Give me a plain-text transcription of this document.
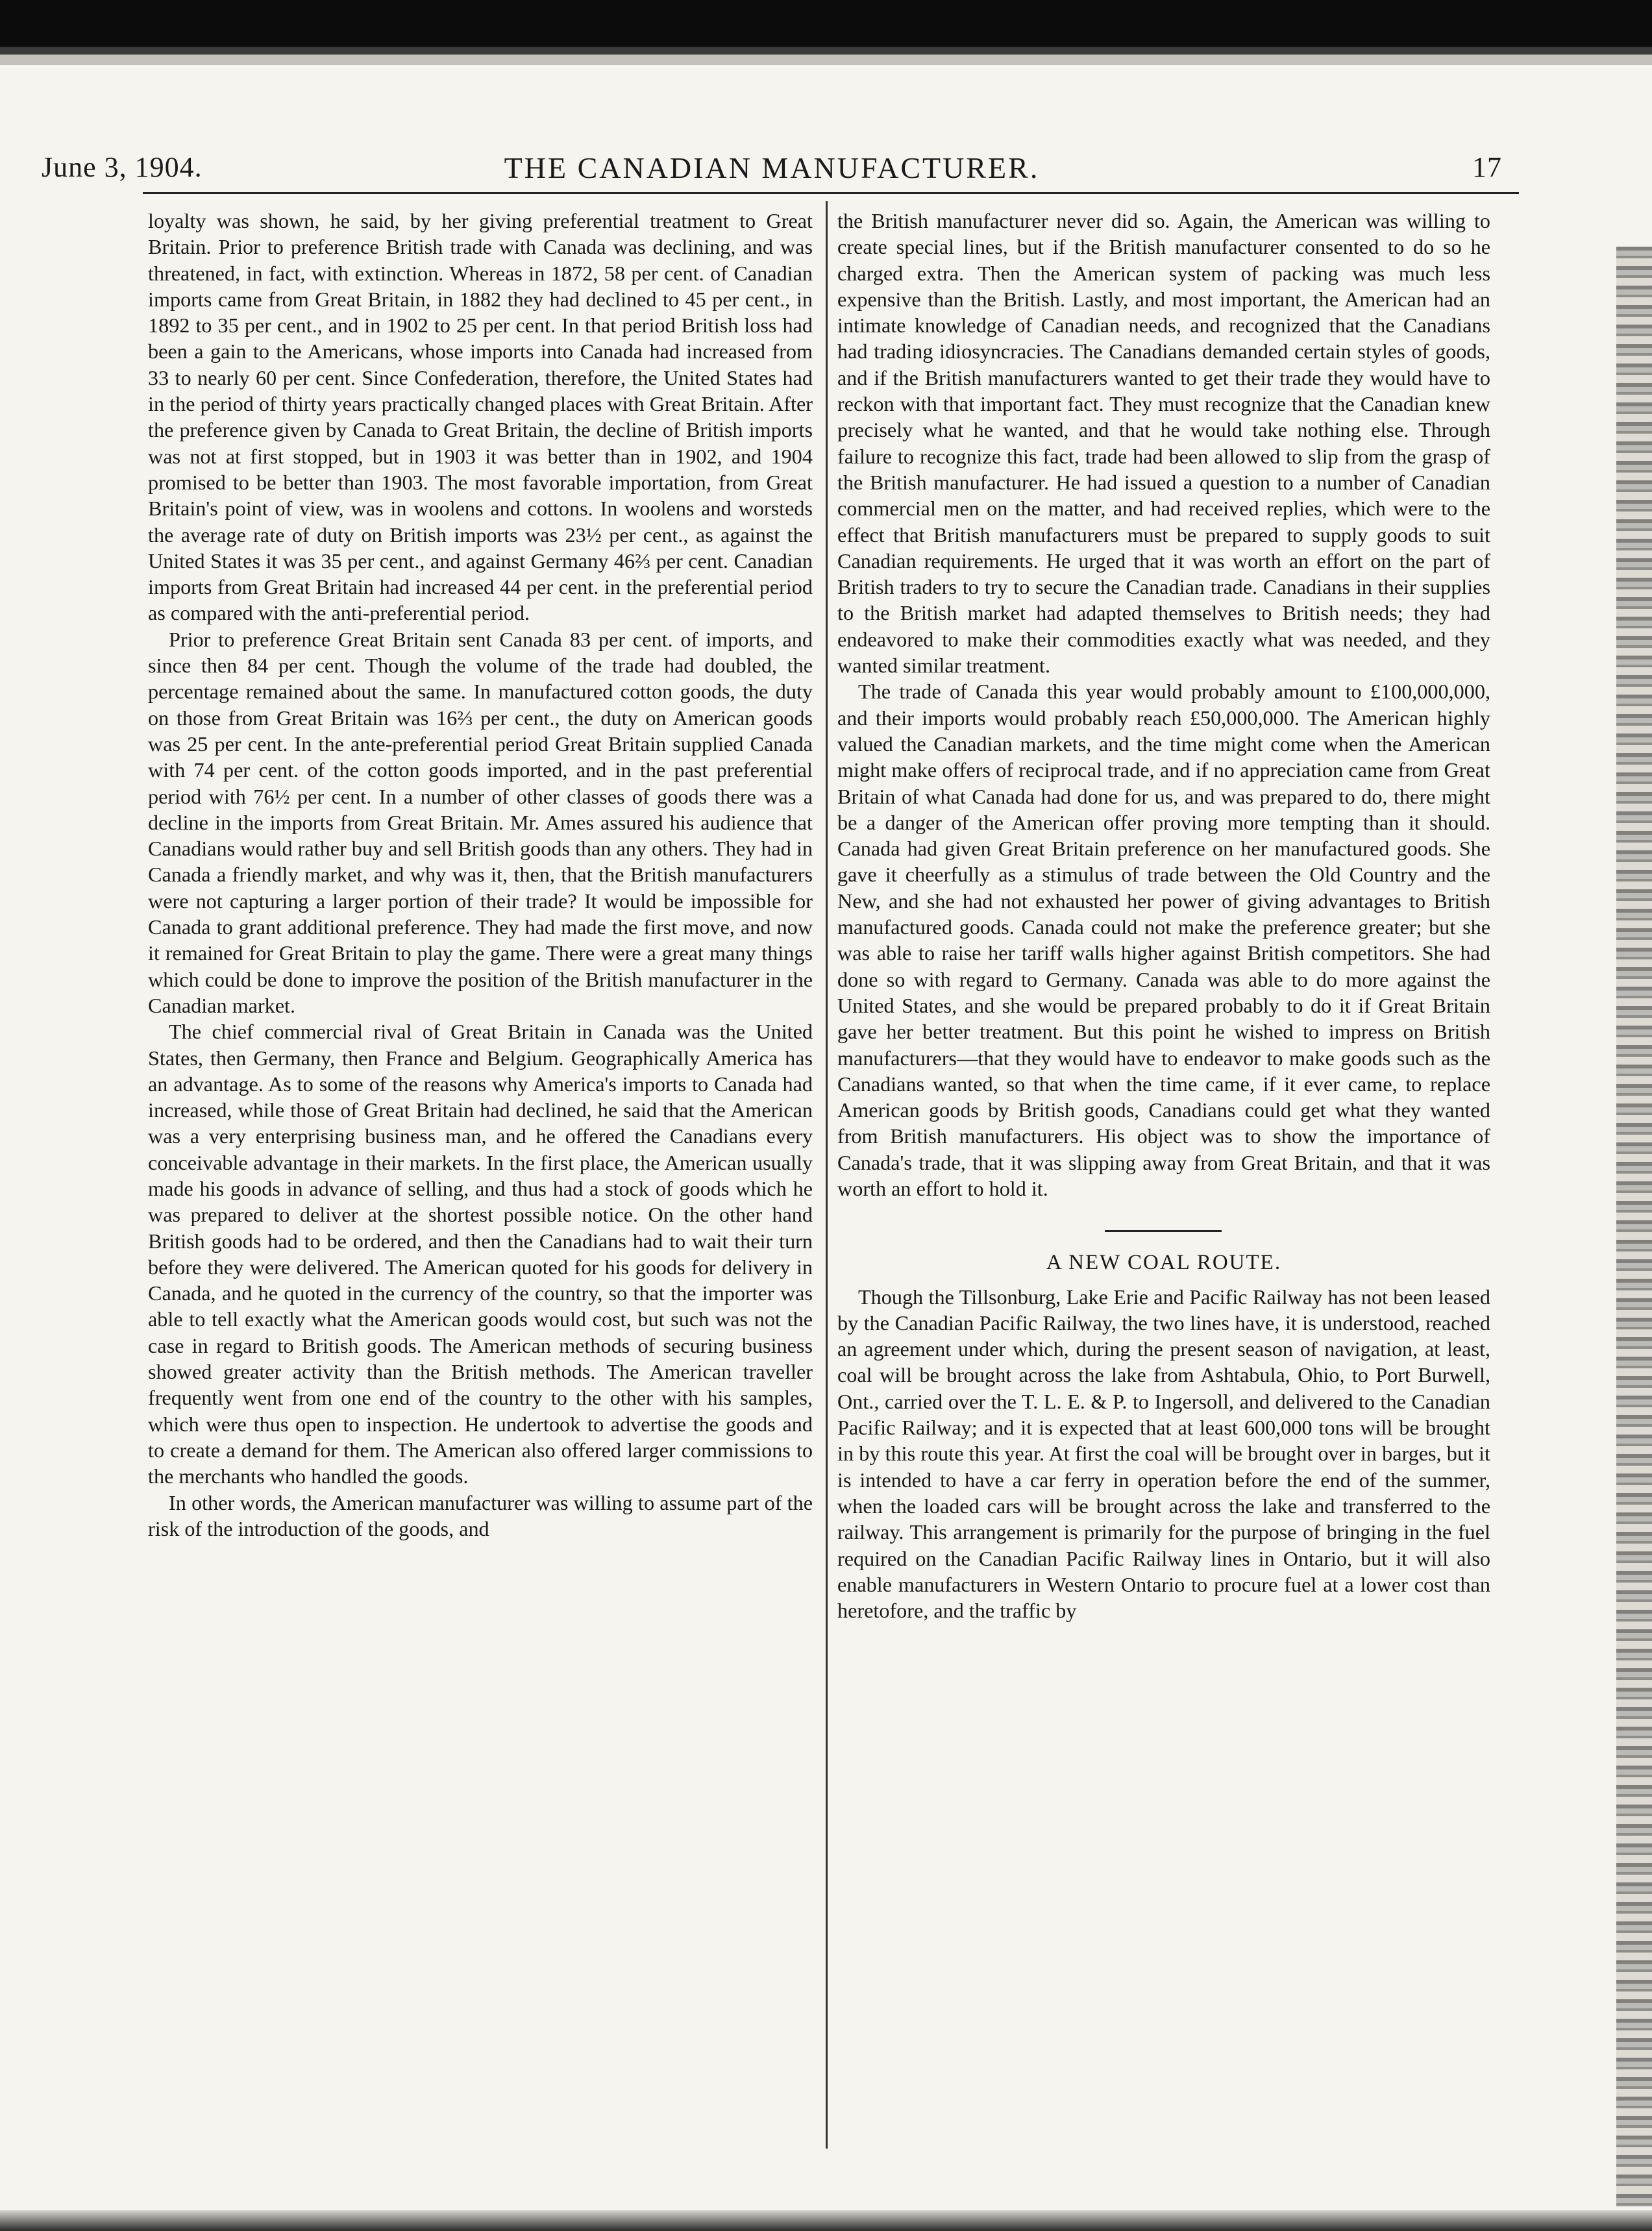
June 3, 1904.	THE CANADIAN MANUFACTURER.	17

loyalty was shown, he said, by her giving preferential treatment to Great Britain. Prior to preference British trade with Canada was declining, and was threatened, in fact, with extinction. Whereas in 1872, 58 per cent. of Canadian imports came from Great Britain, in 1882 they had declined to 45 per cent., in 1892 to 35 per cent., and in 1902 to 25 per cent. In that period British loss had been a gain to the Americans, whose imports into Canada had increased from 33 to nearly 60 per cent. Since Confederation, therefore, the United States had in the period of thirty years practically changed places with Great Britain. After the preference given by Canada to Great Britain, the decline of British imports was not at first stopped, but in 1903 it was better than in 1902, and 1904 promised to be better than 1903. The most favorable importation, from Great Britain's point of view, was in woolens and cottons. In woolens and worsteds the average rate of duty on British imports was 23½ per cent., as against the United States it was 35 per cent., and against Germany 46⅔ per cent. Canadian imports from Great Britain had increased 44 per cent. in the preferential period as compared with the anti-preferential period.

Prior to preference Great Britain sent Canada 83 per cent. of imports, and since then 84 per cent. Though the volume of the trade had doubled, the percentage remained about the same. In manufactured cotton goods, the duty on those from Great Britain was 16⅔ per cent., the duty on American goods was 25 per cent. In the ante-preferential period Great Britain supplied Canada with 74 per cent. of the cotton goods imported, and in the past preferential period with 76½ per cent. In a number of other classes of goods there was a decline in the imports from Great Britain. Mr. Ames assured his audience that Canadians would rather buy and sell British goods than any others. They had in Canada a friendly market, and why was it, then, that the British manufacturers were not capturing a larger portion of their trade? It would be impossible for Canada to grant additional preference. They had made the first move, and now it remained for Great Britain to play the game. There were a great many things which could be done to improve the position of the British manufacturer in the Canadian market.

The chief commercial rival of Great Britain in Canada was the United States, then Germany, then France and Belgium. Geographically America has an advantage. As to some of the reasons why America's imports to Canada had increased, while those of Great Britain had declined, he said that the American was a very enterprising business man, and he offered the Canadians every conceivable advantage in their markets. In the first place, the American usually made his goods in advance of selling, and thus had a stock of goods which he was prepared to deliver at the shortest possible notice. On the other hand British goods had to be ordered, and then the Canadians had to wait their turn before they were delivered. The American quoted for his goods for delivery in Canada, and he quoted in the currency of the country, so that the importer was able to tell exactly what the American goods would cost, but such was not the case in regard to British goods. The American methods of securing business showed greater activity than the British methods. The American traveller frequently went from one end of the country to the other with his samples, which were thus open to inspection. He undertook to advertise the goods and to create a demand for them. The American also offered larger commissions to the merchants who handled the goods.

In other words, the American manufacturer was willing to assume part of the risk of the introduction of the goods, and

the British manufacturer never did so. Again, the American was willing to create special lines, but if the British manufacturer consented to do so he charged extra. Then the American system of packing was much less expensive than the British. Lastly, and most important, the American had an intimate knowledge of Canadian needs, and recognized that the Canadians had trading idiosyncracies. The Canadians demanded certain styles of goods, and if the British manufacturers wanted to get their trade they would have to reckon with that important fact. They must recognize that the Canadian knew precisely what he wanted, and that he would take nothing else. Through failure to recognize this fact, trade had been allowed to slip from the grasp of the British manufacturer. He had issued a question to a number of Canadian commercial men on the matter, and had received replies, which were to the effect that British manufacturers must be prepared to supply goods to suit Canadian requirements. He urged that it was worth an effort on the part of British traders to try to secure the Canadian trade. Canadians in their supplies to the British market had adapted themselves to British needs; they had endeavored to make their commodities exactly what was needed, and they wanted similar treatment.

The trade of Canada this year would probably amount to £100,000,000, and their imports would probably reach £50,000,000. The American highly valued the Canadian markets, and the time might come when the American might make offers of reciprocal trade, and if no appreciation came from Great Britain of what Canada had done for us, and was prepared to do, there might be a danger of the American offer proving more tempting than it should. Canada had given Great Britain preference on her manufactured goods. She gave it cheerfully as a stimulus of trade between the Old Country and the New, and she had not exhausted her power of giving advantages to British manufactured goods. Canada could not make the preference greater; but she was able to raise her tariff walls higher against British competitors. She had done so with regard to Germany. Canada was able to do more against the United States, and she would be prepared probably to do it if Great Britain gave her better treatment. But this point he wished to impress on British manufacturers—that they would have to endeavor to make goods such as the Canadians wanted, so that when the time came, if it ever came, to replace American goods by British goods, Canadians could get what they wanted from British manufacturers. His object was to show the importance of Canada's trade, that it was slipping away from Great Britain, and that it was worth an effort to hold it.

A NEW COAL ROUTE.

Though the Tillsonburg, Lake Erie and Pacific Railway has not been leased by the Canadian Pacific Railway, the two lines have, it is understood, reached an agreement under which, during the present season of navigation, at least, coal will be brought across the lake from Ashtabula, Ohio, to Port Burwell, Ont., carried over the T. L. E. & P. to Ingersoll, and delivered to the Canadian Pacific Railway; and it is expected that at least 600,000 tons will be brought in by this route this year. At first the coal will be brought over in barges, but it is intended to have a car ferry in operation before the end of the summer, when the loaded cars will be brought across the lake and transferred to the railway. This arrangement is primarily for the purpose of bringing in the fuel required on the Canadian Pacific Railway lines in Ontario, but it will also enable manufacturers in Western Ontario to procure fuel at a lower cost than heretofore, and the traffic by
